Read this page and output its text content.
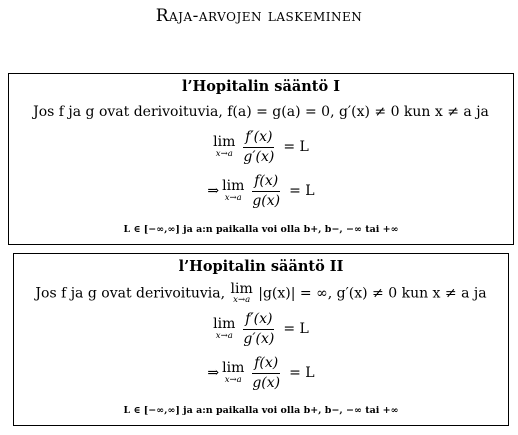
Raja-arvojen laskeminen
l’Hopitalin sääntö I
Jos f ja g ovat derivoituvia, f(a) = g(a) = 0, g′(x) ≠ 0 kun x ≠ a ja
lim
$x\to a \frac{f'(x)}{g'(x)} = L$
⇒ lim
$x\to a \frac{f(x)}{g(x)} = L$
L ∈ [−∞,∞] ja a:n paikalla voi olla b+, b−, −∞ tai +∞
l’Hopitalin sääntö II
Jos f ja g ovat derivoituvia, lim
x→a |g(x)| = ∞, g′(x) ≠ 0 kun x ≠ a ja
lim
$x\to a \frac{f'(x)}{g'(x)} = L$
⇒ lim
$x\to a \frac{f(x)}{g(x)} = L$
L ∈ [−∞,∞] ja a:n paikalla voi olla b+, b−, −∞ tai +∞
